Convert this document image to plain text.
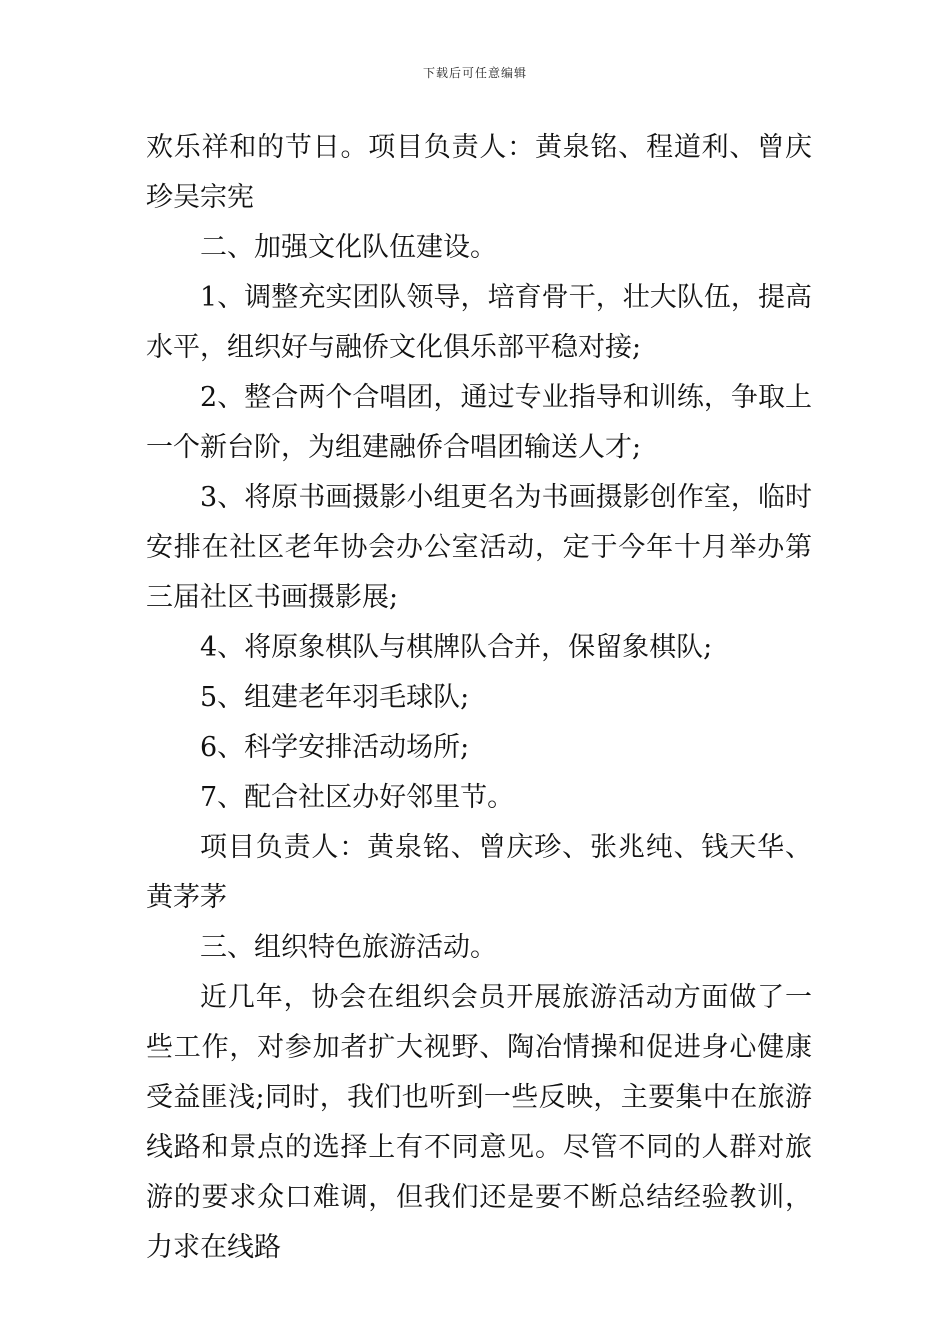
下载后可任意编辑

欢乐祥和的节日。项目负责人：黄泉铭、程道利、曾庆珍吴宗宪

二、加强文化队伍建设。

1、调整充实团队领导，培育骨干，壮大队伍，提高水平，组织好与融侨文化俱乐部平稳对接;

2、整合两个合唱团，通过专业指导和训练，争取上一个新台阶，为组建融侨合唱团输送人才;

3、将原书画摄影小组更名为书画摄影创作室，临时安排在社区老年协会办公室活动，定于今年十月举办第三届社区书画摄影展;

4、将原象棋队与棋牌队合并，保留象棋队;

5、组建老年羽毛球队;

6、科学安排活动场所;

7、配合社区办好邻里节。

项目负责人：黄泉铭、曾庆珍、张兆纯、钱天华、黄茅茅

三、组织特色旅游活动。

近几年，协会在组织会员开展旅游活动方面做了一些工作，对参加者扩大视野、陶冶情操和促进身心健康受益匪浅;同时，我们也听到一些反映，主要集中在旅游线路和景点的选择上有不同意见。尽管不同的人群对旅游的要求众口难调，但我们还是要不断总结经验教训，力求在线路
